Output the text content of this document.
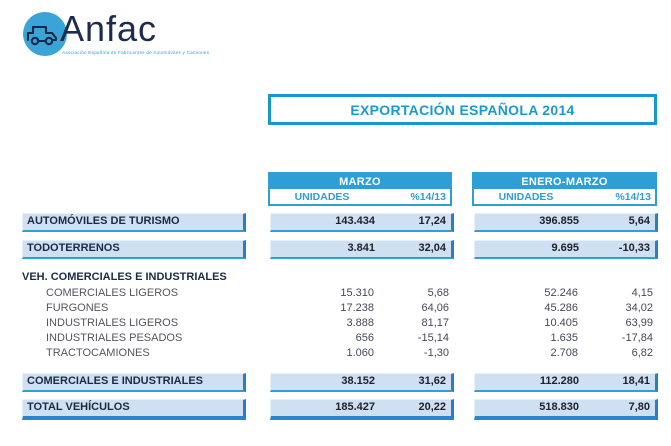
Anfac
Asociación Española de Fabricantes de Automóviles y Camiones
EXPORTACIÓN ESPAÑOLA 2014
MARZO
UNIDADES	%14/13
ENERO-MARZO
UNIDADES	%14/13
AUTOMÓVILES DE TURISMO	143.434	17,24	396.855	5,64
TODOTERRENOS	3.841	32,04	9.695	-10,33
VEH. COMERCIALES E INDUSTRIALES
COMERCIALES LIGEROS	15.310	5,68	52.246	4,15
FURGONES	17.238	64,06	45.286	34,02
INDUSTRIALES LIGEROS	3.888	81,17	10.405	63,99
INDUSTRIALES PESADOS	656	-15,14	1.635	-17,84
TRACTOCAMIONES	1.060	-1,30	2.708	6,82
COMERCIALES E INDUSTRIALES	38.152	31,62	112.280	18,41
TOTAL VEHÍCULOS	185.427	20,22	518.830	7,80
